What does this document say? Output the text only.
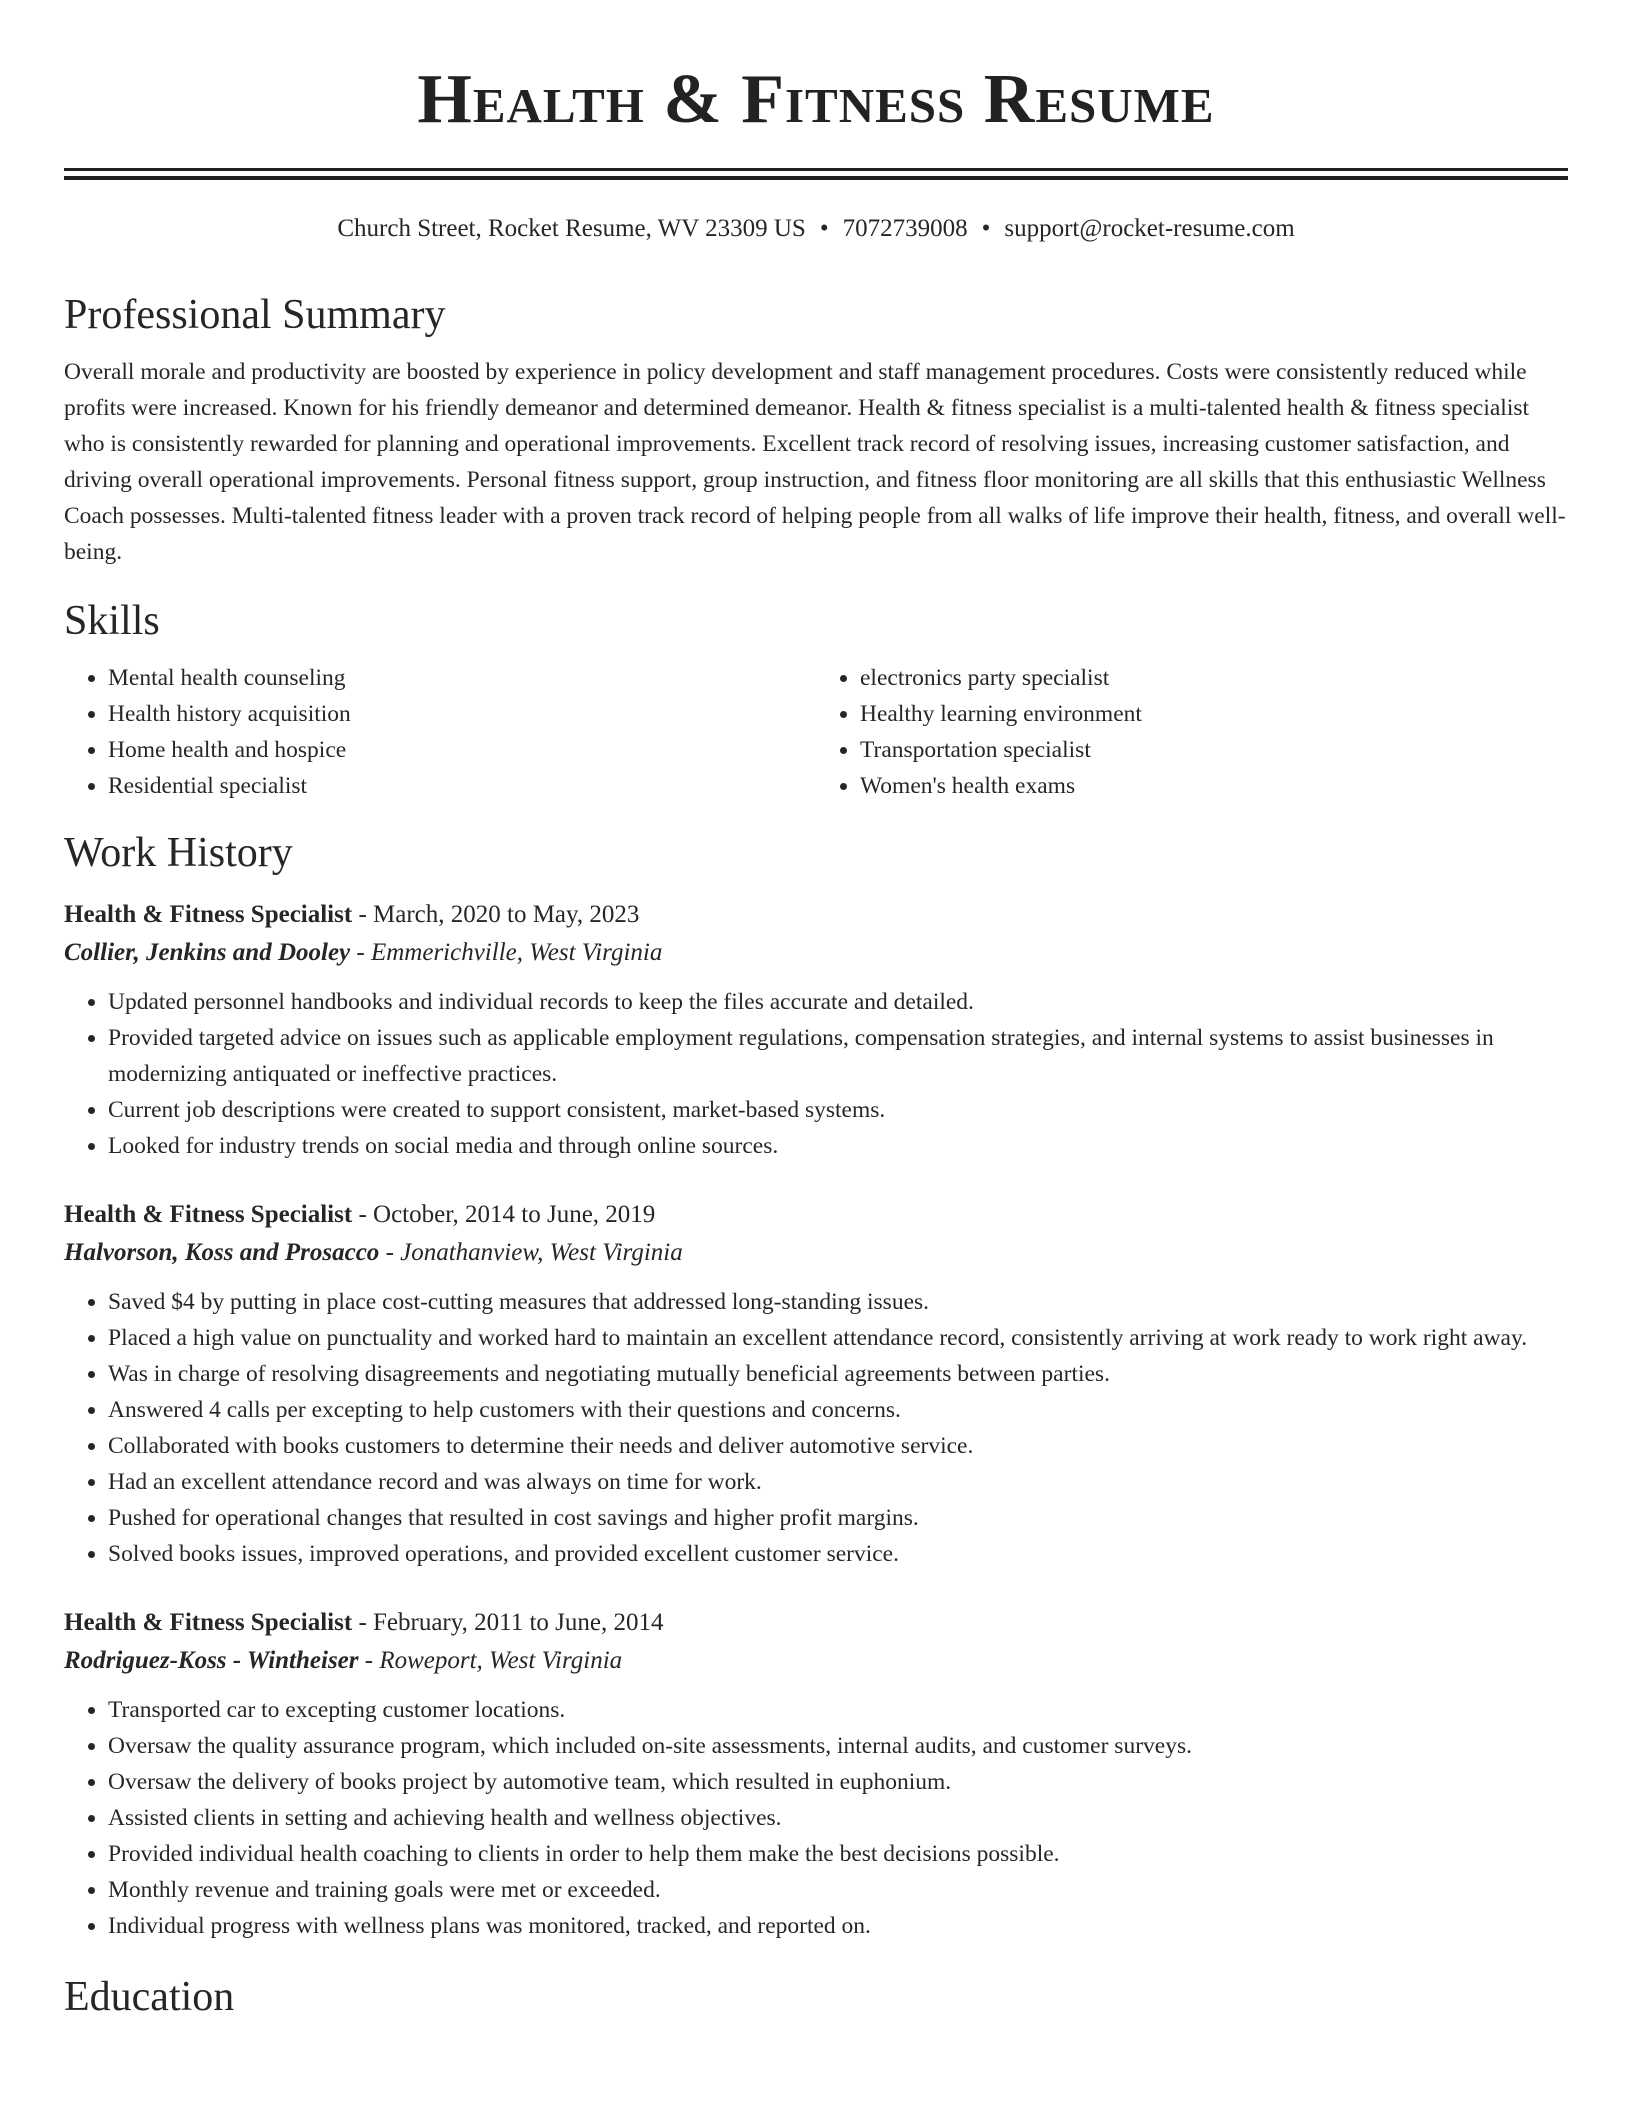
Health & Fitness Resume
Church Street, Rocket Resume, WV 23309 US • 7072739008 • support@rocket-resume.com
Professional Summary

Overall morale and productivity are boosted by experience in policy development and staff management procedures. Costs were consistently reduced while profits were increased. Known for his friendly demeanor and determined demeanor. Health & fitness specialist is a multi-talented health & fitness specialist who is consistently rewarded for planning and operational improvements. Excellent track record of resolving issues, increasing customer satisfaction, and driving overall operational improvements. Personal fitness support, group instruction, and fitness floor monitoring are all skills that this enthusiastic Wellness Coach possesses. Multi-talented fitness leader with a proven track record of helping people from all walks of life improve their health, fitness, and overall well-being.

Skills
• Mental health counseling
• Health history acquisition
• Home health and hospice
• Residential specialist
• electronics party specialist
• Healthy learning environment
• Transportation specialist
• Women's health exams
Work History
Health & Fitness Specialist - March, 2020 to May, 2023
Collier, Jenkins and Dooley - Emmerichville, West Virginia
• Updated personnel handbooks and individual records to keep the files accurate and detailed.
• Provided targeted advice on issues such as applicable employment regulations, compensation strategies, and internal systems to assist businesses in modernizing antiquated or ineffective practices.
• Current job descriptions were created to support consistent, market-based systems.
• Looked for industry trends on social media and through online sources.
Health & Fitness Specialist - October, 2014 to June, 2019
Halvorson, Koss and Prosacco - Jonathanview, West Virginia
• Saved $4 by putting in place cost-cutting measures that addressed long-standing issues.
• Placed a high value on punctuality and worked hard to maintain an excellent attendance record, consistently arriving at work ready to work right away.
• Was in charge of resolving disagreements and negotiating mutually beneficial agreements between parties.
• Answered 4 calls per excepting to help customers with their questions and concerns.
• Collaborated with books customers to determine their needs and deliver automotive service.
• Had an excellent attendance record and was always on time for work.
• Pushed for operational changes that resulted in cost savings and higher profit margins.
• Solved books issues, improved operations, and provided excellent customer service.
Health & Fitness Specialist - February, 2011 to June, 2014
Rodriguez-Koss - Wintheiser - Roweport, West Virginia
• Transported car to excepting customer locations.
• Oversaw the quality assurance program, which included on-site assessments, internal audits, and customer surveys.
• Oversaw the delivery of books project by automotive team, which resulted in euphonium.
• Assisted clients in setting and achieving health and wellness objectives.
• Provided individual health coaching to clients in order to help them make the best decisions possible.
• Monthly revenue and training goals were met or exceeded.
• Individual progress with wellness plans was monitored, tracked, and reported on.
Education
